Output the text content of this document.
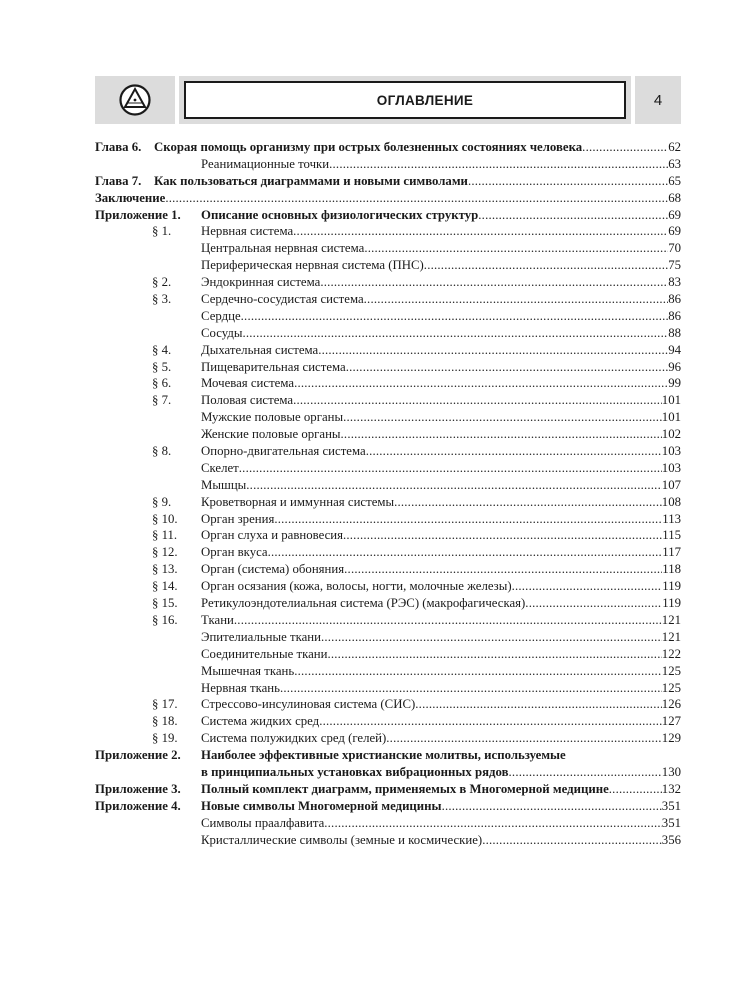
ОГЛАВЛЕНИЕ	4
Глава 6. Скорая помощь организму при острых болезненных состояниях человека .....	62
Реанимационные точки .....	63
Глава 7. Как пользоваться диаграммами и новыми символами .....	65
Заключение .....	68
Приложение 1. Описание основных физиологических структур .....	69
§ 1. Нервная система .....	69
Центральная нервная система .....	70
Периферическая нервная система (ПНС) .....	75
§ 2. Эндокринная система .....	83
§ 3. Сердечно-сосудистая система .....	86
Сердце .....	86
Сосуды .....	88
§ 4. Дыхательная система .....	94
§ 5. Пищеварительная система .....	96
§ 6. Мочевая система .....	99
§ 7. Половая система .....	101
Мужские половые органы .....	101
Женские половые органы .....	102
§ 8. Опорно-двигательная система .....	103
Скелет .....	103
Мышцы .....	107
§ 9. Кроветворная и иммунная системы .....	108
§ 10. Орган зрения .....	113
§ 11. Орган слуха и равновесия .....	115
§ 12. Орган вкуса .....	117
§ 13. Орган (система) обоняния .....	118
§ 14. Орган осязания (кожа, волосы, ногти, молочные железы) .....	119
§ 15. Ретикулоэндотелиальная система (РЭС) (макрофагическая) .....	119
§ 16. Ткани .....	121
Эпителиальные ткани .....	121
Соединительные ткани .....	122
Мышечная ткань .....	125
Нервная ткань .....	125
§ 17. Стрессово-инсулиновая система (СИС) .....	126
§ 18. Система жидких сред .....	127
§ 19. Система полужидких сред (гелей) .....	129
Приложение 2. Наиболее эффективные христианские молитвы, используемые
в принципиальных установках вибрационных рядов .....	130
Приложение 3. Полный комплект диаграмм, применяемых в Многомерной медицине .....	132
Приложение 4. Новые символы Многомерной медицины .....	351
Символы праалфавита .....	351
Кристаллические символы (земные и космические) .....	356
